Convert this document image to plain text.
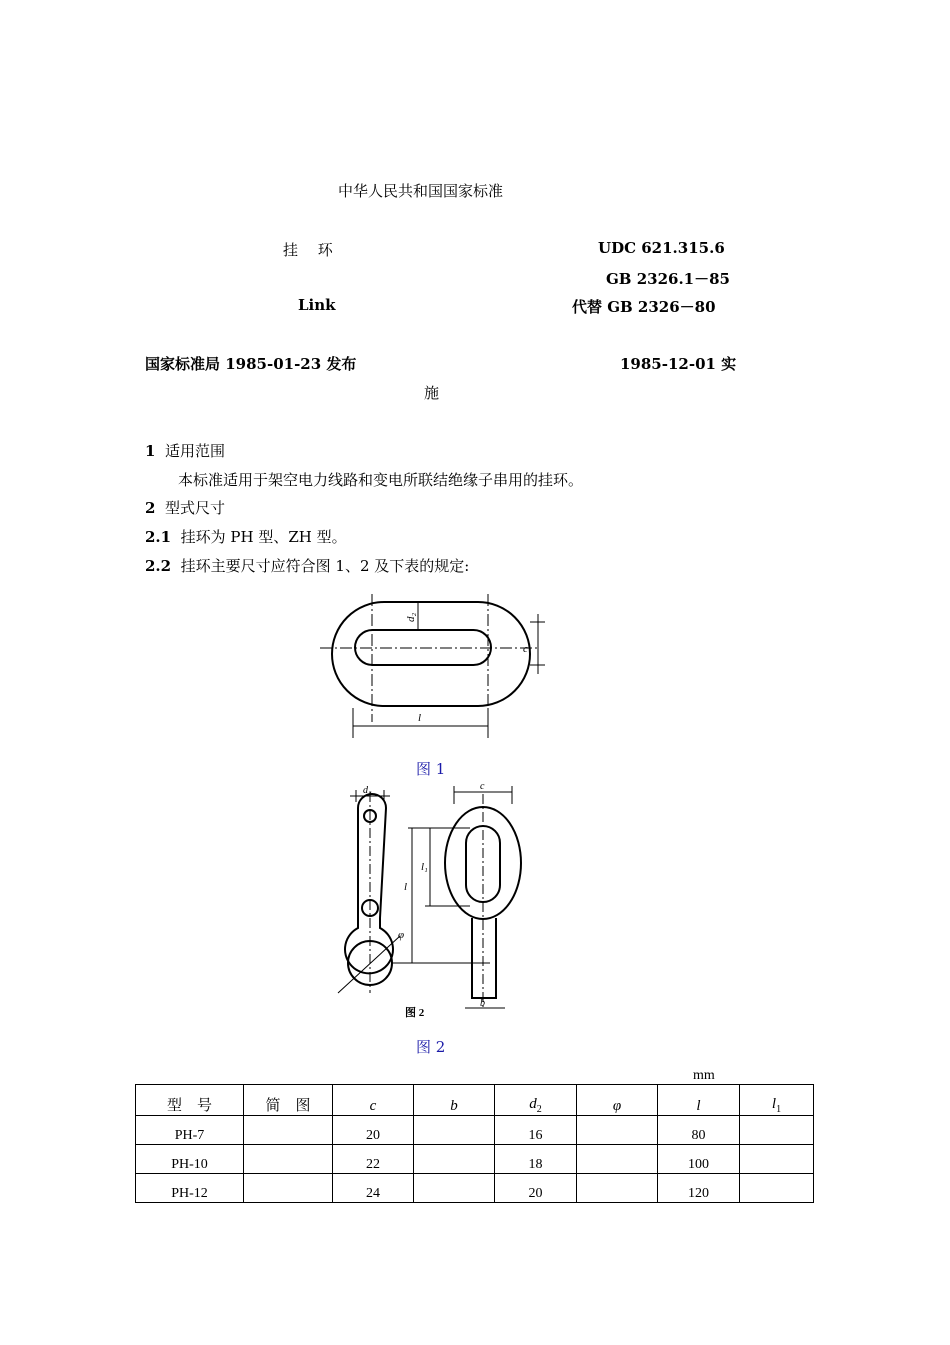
中华人民共和国国家标准
挂　 环
Link
UDC 621.315.6
GB 2326.1－85
代替 GB 2326－80
国家标准局 1985-01-23 发布	1985-12-01 实
施
1 适用范围
本标准适用于架空电力线路和变电所联结绝缘子串用的挂环。
2 型式尺寸
2.1 挂环为 PH 型、ZH 型。
2.2 挂环主要尺寸应符合图 1、2 及下表的规定:
d₂
c
l
图 1
d₂	c
l
l₁
φ
b
图 2
图 2
mm
型　号	简　图	c	b	$d_2$	φ	l	$l_1$
PH-7		20		16		80	
PH-10		22		18		100	
PH-12		24		20		120	
